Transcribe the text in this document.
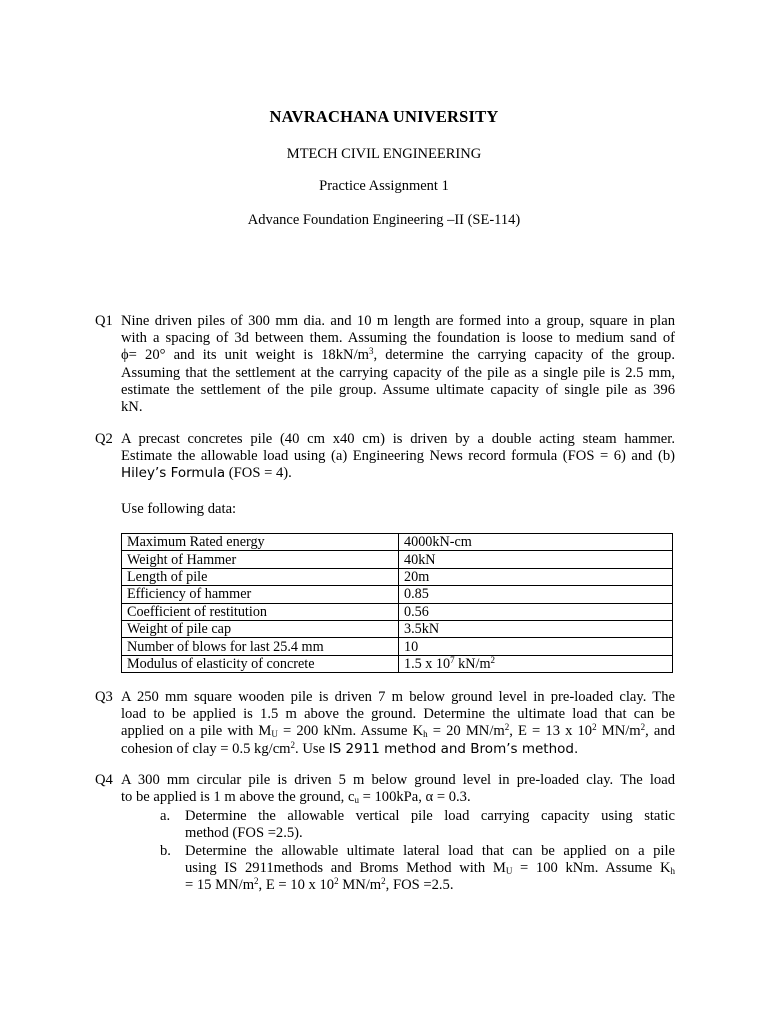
NAVRACHANA UNIVERSITY
MTECH CIVIL ENGINEERING
Practice Assignment 1
Advance Foundation Engineering –II (SE-114)
Q1 Nine driven piles of 300 mm dia. and 10 m length are formed into a group, square in plan
with a spacing of 3d between them. Assuming the foundation is loose to medium sand of
ϕ= 20° and its unit weight is $18kN/m^3$, determine the carrying capacity of the group.
Assuming that the settlement at the carrying capacity of the pile as a single pile is 2.5 mm,
estimate the settlement of the pile group. Assume ultimate capacity of single pile as 396
kN.
Q2 A precast concretes pile (40 cm x40 cm) is driven by a double acting steam hammer.
Estimate the allowable load using (a) Engineering News record formula (FOS = 6) and (b)
Hiley’s Formula (FOS = 4).
Use following data:
Maximum Rated energy	4000kN-cm
Weight of Hammer	40kN
Length of pile	20m
Efficiency of hammer	0.85
Coefficient of restitution	0.56
Weight of pile cap	3.5kN
Number of blows for last 25.4 mm	10
Modulus of elasticity of concrete	1.5 x $10^7$ $kN/m^2$
Q3 A 250 mm square wooden pile is driven 7 m below ground level in pre-loaded clay. The
load to be applied is 1.5 m above the ground. Determine the ultimate load that can be
applied on a pile with $M_U = 200$ kNm. Assume $K_h = 20$ $MN/m^2$, E = 13 x $10^2$ $MN/m^2$, and
cohesion of clay = 0.5 $kg/cm^2$. Use IS 2911 method and Brom’s method.
Q4 A 300 mm circular pile is driven 5 m below ground level in pre-loaded clay. The load
to be applied is 1 m above the ground, $c_u = 100kPa$, α = 0.3.
a. Determine the allowable vertical pile load carrying capacity using static
method (FOS =2.5).
b. Determine the allowable ultimate lateral load that can be applied on a pile
using IS 2911methods and Broms Method with $M_U = 100$ kNm. Assume $K_h$
= 15 $MN/m^2$, E = 10 x $10^2$ $MN/m^2$, FOS =2.5.
